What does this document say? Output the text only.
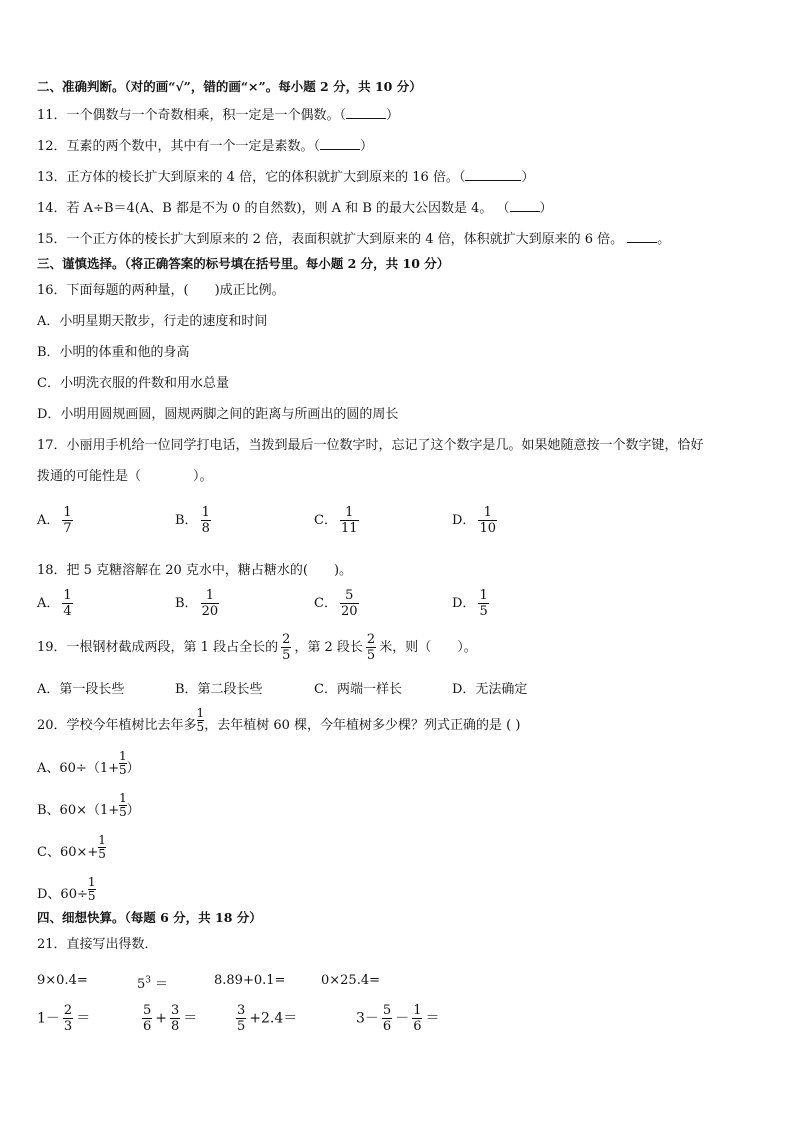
二、准确判断。（对的画“√”，错的画“×”。每小题 2 分，共 10 分）
11．一个偶数与一个奇数相乘，积一定是一个偶数。（	）
12．互素的两个数中，其中有一个一定是素数。（	）
13．正方体的棱长扩大到原来的 4 倍，它的体积就扩大到原来的 16 倍。（	）
14．若 A÷B＝4(A、B 都是不为 0 的自然数)，则 A 和 B 的最大公因数是 4。 （ ）
15．一个正方体的棱长扩大到原来的 2 倍，表面积就扩大到原来的 4 倍，体积就扩大到原来的 6 倍。	。
三、谨慎选择。（将正确答案的标号填在括号里。每小题 2 分，共 10 分）
16．下面每题的两种量，(　　)成正比例。
A．小明星期天散步，行走的速度和时间
B．小明的体重和他的身高
C．小明洗衣服的件数和用水总量
D．小明用圆规画圆，圆规两脚之间的距离与所画出的圆的周长
17．小丽用手机给一位同学打电话，当拨到最后一位数字时，忘记了这个数字是几。如果她随意按一个数字键，恰好
拨通的可能性是（　　　　）。
A． $\frac{1}{7}$	B． $\frac{1}{8}$	C． $\frac{1}{11}$	D． $\frac{1}{10}$
18．把 5 克糖溶解在 20 克水中，糖占糖水的(　　)。
A． $\frac{1}{4}$	B． $\frac{1}{20}$	C． $\frac{5}{20}$	D． $\frac{1}{5}$
19．一根钢材截成两段，第 1 段占全长的 $\frac{2}{5}$ ，第 2 段长 $\frac{2}{5}$ 米，则（　　）。
A．第一段长些	B．第二段长些	C．两端一样长	D．无法确定
20．学校今年植树比去年多 $\frac{1}{5}$ ，去年植树 60 棵，今年植树多少棵？列式正确的是 ( )
A、$60\div(1+ \frac{1}{5}$ ）
B、$60\times(1+ \frac{1}{5}$ ）
C、$60\times+ \frac{1}{5}$
D、$60\div \frac{1}{5}$
四、细想快算。（每题 6 分，共 18 分）
21．直接写出得数．
9×0.4=	$5^3$ ＝	8.89+0.1=	0×25.4=
$1- \frac{2}{3}$ ＝	$\frac{5}{6} + \frac{3}{8}$ ＝	$\frac{3}{5} +2.4=$	$3- \frac{5}{6} - \frac{1}{6}$ ＝
